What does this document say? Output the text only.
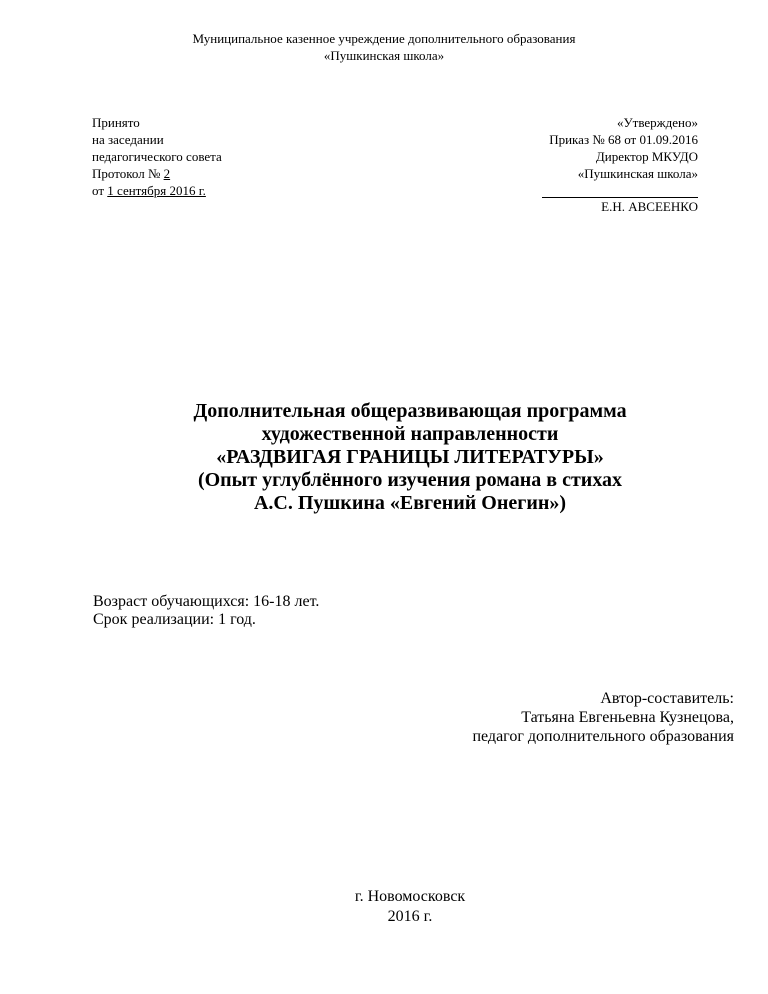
Муниципальное казенное учреждение дополнительного образования
«Пушкинская школа»
Принято
на заседании
педагогического совета
Протокол № 2
от 1 сентября 2016 г.
«Утверждено»
Приказ № 68 от 01.09.2016
Директор МКУДО
«Пушкинская школа»
Е.Н. АВСЕЕНКО
Дополнительная общеразвивающая программа
художественной направленности
«РАЗДВИГАЯ ГРАНИЦЫ ЛИТЕРАТУРЫ»
(Опыт углублённого изучения романа в стихах
А.С. Пушкина «Евгений Онегин»)
Возраст обучающихся: 16-18 лет.
Срок реализации: 1 год.
Автор-составитель:
Татьяна Евгеньевна Кузнецова,
педагог дополнительного образования
г. Новомосковск
2016 г.
